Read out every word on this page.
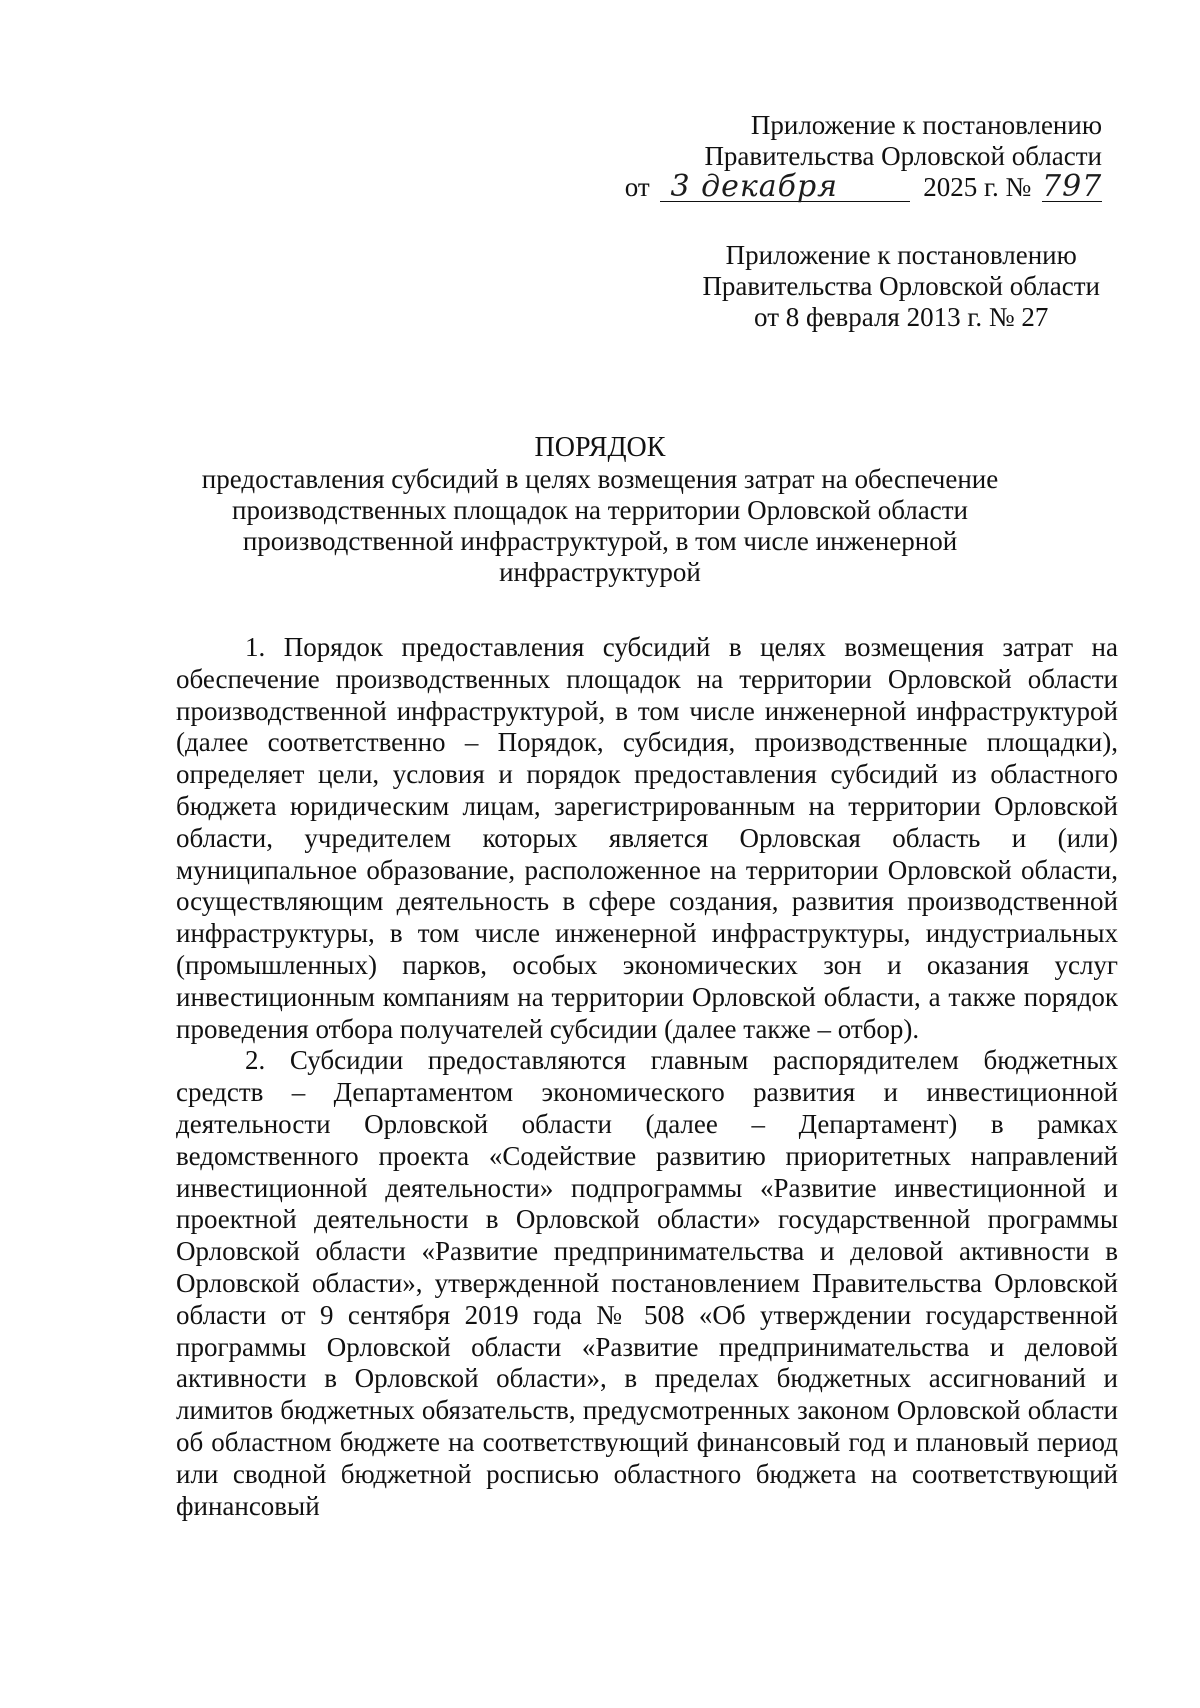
Приложение к постановлению
Правительства Орловской области
от 3 декабря	2025 г. № 797
Приложение к постановлению
Правительства Орловской области
от 8 февраля 2013 г. № 27
ПОРЯДОК
предоставления субсидий в целях возмещения затрат на обеспечение производственных площадок на территории Орловской области производственной инфраструктурой, в том числе инженерной инфраструктурой

1. Порядок предоставления субсидий в целях возмещения затрат на обеспечение производственных площадок на территории Орловской области производственной инфраструктурой, в том числе инженерной инфраструктурой (далее соответственно – Порядок, субсидия, производственные площадки), определяет цели, условия и порядок предоставления субсидий из областного бюджета юридическим лицам, зарегистрированным на территории Орловской области, учредителем которых является Орловская область и (или) муниципальное образование, расположенное на территории Орловской области, осуществляющим деятельность в сфере создания, развития производственной инфраструктуры, в том числе инженерной инфраструктуры, индустриальных (промышленных) парков, особых экономических зон и оказания услуг инвестиционным компаниям на территории Орловской области, а также порядок проведения отбора получателей субсидии (далее также – отбор).

2. Субсидии предоставляются главным распорядителем бюджетных средств – Департаментом экономического развития и инвестиционной деятельности Орловской области (далее – Департамент) в рамках ведомственного проекта «Содействие развитию приоритетных направлений инвестиционной деятельности» подпрограммы «Развитие инвестиционной и проектной деятельности в Орловской области» государственной программы Орловской области «Развитие предпринимательства и деловой активности в Орловской области», утвержденной постановлением Правительства Орловской области от 9 сентября 2019 года № 508 «Об утверждении государственной программы Орловской области «Развитие предпринимательства и деловой активности в Орловской области», в пределах бюджетных ассигнований и лимитов бюджетных обязательств, предусмотренных законом Орловской области об областном бюджете на соответствующий финансовый год и плановый период или сводной бюджетной росписью областного бюджета на соответствующий финансовый
